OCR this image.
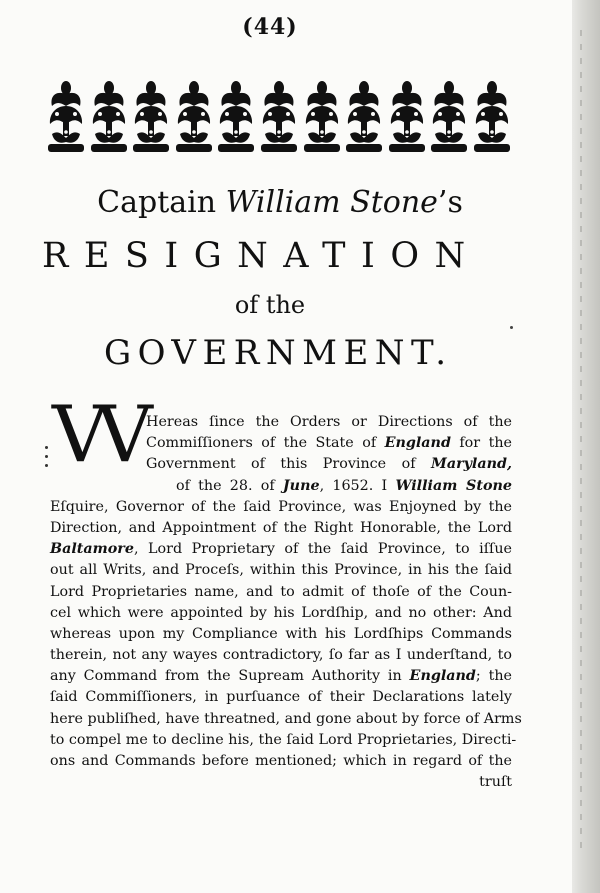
(44)
Captain William Stone’s
RESIGNATION
of the
GOVERNMENT.
VV Hereas ſince the Orders or Directions of the
Commiſſioners of the State of England for the
Government of this Province of Maryland,
of the 28. of June, 1652. I William Stone
Eſquire, Governor of the ſaid Province, was Enjoyned by the
Direction, and Appointment of the Right Honorable, the Lord
Baltamore, Lord Proprietary of the ſaid Province, to iſſue
out all Writs, and Proceſs, within this Province, in his the ſaid
Lord Proprietaries name, and to admit of thoſe of the Coun-
cel which were appointed by his Lordſhip, and no other: And
whereas upon my Compliance with his Lordſhips Commands
therein, not any wayes contradictory, ſo far as I underſtand, to
any Command from the Supream Authority in England; the
ſaid Commiſſioners, in purſuance of their Declarations lately
here publiſhed, have threatned, and gone about by force of Arms
to compel me to decline his, the ſaid Lord Proprietaries, Directi-
ons and Commands before mentioned; which in regard of the
truſt
